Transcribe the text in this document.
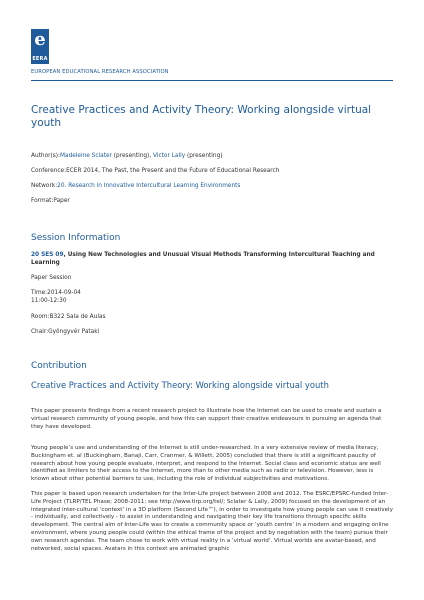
e
EERA
EUROPEAN EDUCATIONAL RESEARCH ASSOCIATION
Creative Practices and Activity Theory: Working alongside virtual youth
Author(s):Madeleine Sclater (presenting), Victor Lally (presenting)
Conference:ECER 2014, The Past, the Present and the Future of Educational Research
Network:20. Research in Innovative Intercultural Learning Environments
Format:Paper
Session Information
20 SES 09, Using New Technologies and Unusual Visual Methods Transforming Intercultural Teaching and Learning
Paper Session
Time:2014-09-04
11:00-12:30
Room:B322 Sala de Aulas
Chair:Gyöngyvér Pataki
Contribution
Creative Practices and Activity Theory: Working alongside virtual youth
This paper presents findings from a recent research project to illustrate how the Internet can be used to create and sustain a virtual research community of young people, and how this can support their creative endeavours in pursuing an agenda that they have developed.
Young people’s use and understanding of the Internet is still under-researched. In a very extensive review of media literacy, Buckingham et. al (Buckingham, Banaji, Carr, Cranmer, & Willett, 2005) concluded that there is still a significant paucity of research about how young people evaluate, interpret, and respond to the Internet. Social class and economic status are well identified as limiters to their access to the Internet, more than to other media such as radio or television. However, less is known about other potential barriers to use, including the role of individual subjectivities and motivations.
This paper is based upon research undertaken for the Inter-Life project between 2008 and 2012. The ESRC/EPSRC-funded Inter-Life Project (TLRP/TEL Phase; 2008-2011; see http://www.tlrp.org/tel/; Sclater & Lally, 2009) focused on the development of an integrated inter-cultural ‘context’ in a 3D platform (Second Life™), in order to investigate how young people can use it creatively - individually, and collectively - to assist in understanding and navigating their key life transitions through specific skills development. The central aim of Inter-Life was to create a community space or ‘youth centre’ in a modern and engaging online environment, where young people could (within the ethical frame of the project and by negotiation with the team) pursue their own research agendas. The team chose to work with virtual reality in a ‘virtual world’. Virtual worlds are avatar-based, and networked, social spaces. Avatars in this context are animated graphic
